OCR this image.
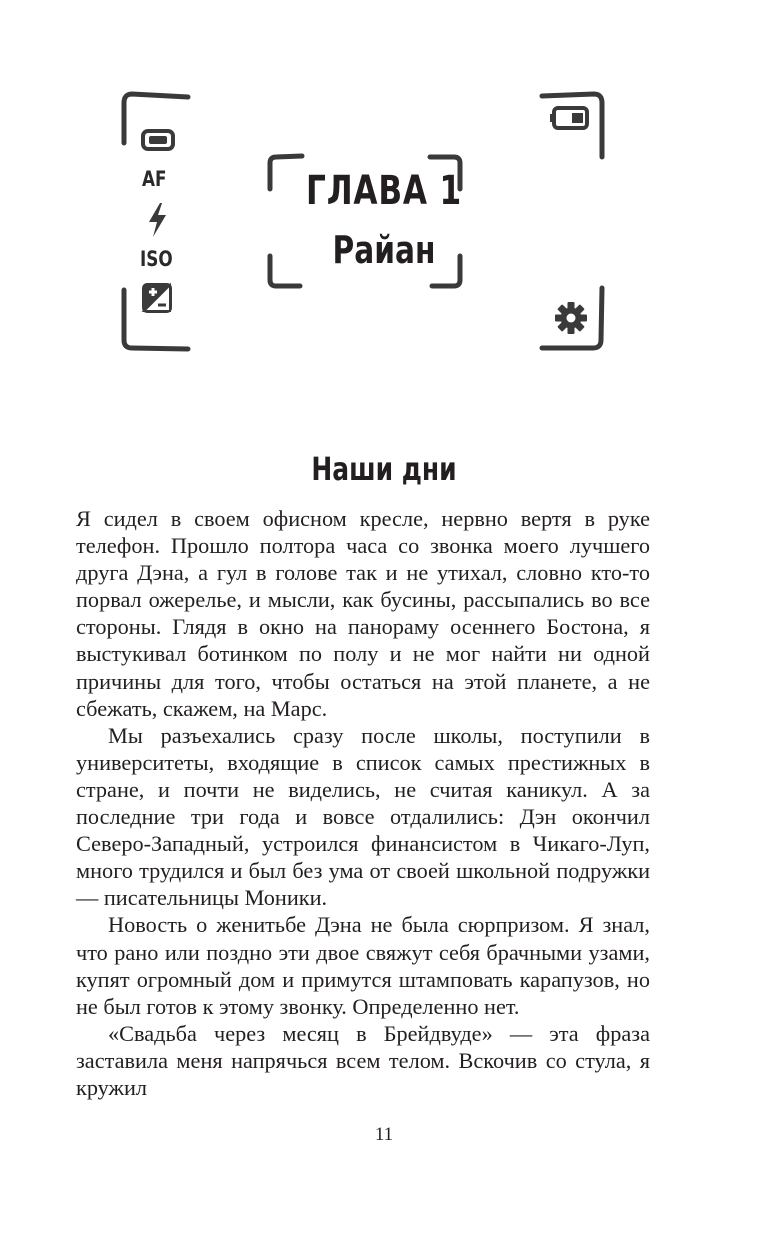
AF
ISO
ГЛАВА 1
Райан
Наши дни

Я сидел в своем офисном кресле, нервно вертя в руке телефон. Прошло полтора часа со звонка моего лучшего друга Дэна, а гул в голове так и не утихал, словно кто-то порвал ожерелье, и мысли, как бусины, рассыпались во все стороны. Глядя в окно на панораму осеннего Бостона, я выстукивал ботинком по полу и не мог найти ни одной причины для того, чтобы остаться на этой планете, а не сбежать, скажем, на Марс.

Мы разъехались сразу после школы, поступили в университеты, входящие в список самых престижных в стране, и почти не виделись, не считая каникул. А за последние три года и вовсе отдалились: Дэн окончил Северо-Западный, устроился финансистом в Чикаго-Луп, много трудился и был без ума от своей школьной подружки — писательницы Моники.

Новость о женитьбе Дэна не была сюрпризом. Я знал, что рано или поздно эти двое свяжут себя брачными узами, купят огромный дом и примутся штамповать карапузов, но не был готов к этому звонку. Определенно нет.

«Свадьба через месяц в Брейдвуде» — эта фраза заставила меня напрячься всем телом. Вскочив со стула, я кружил

11
